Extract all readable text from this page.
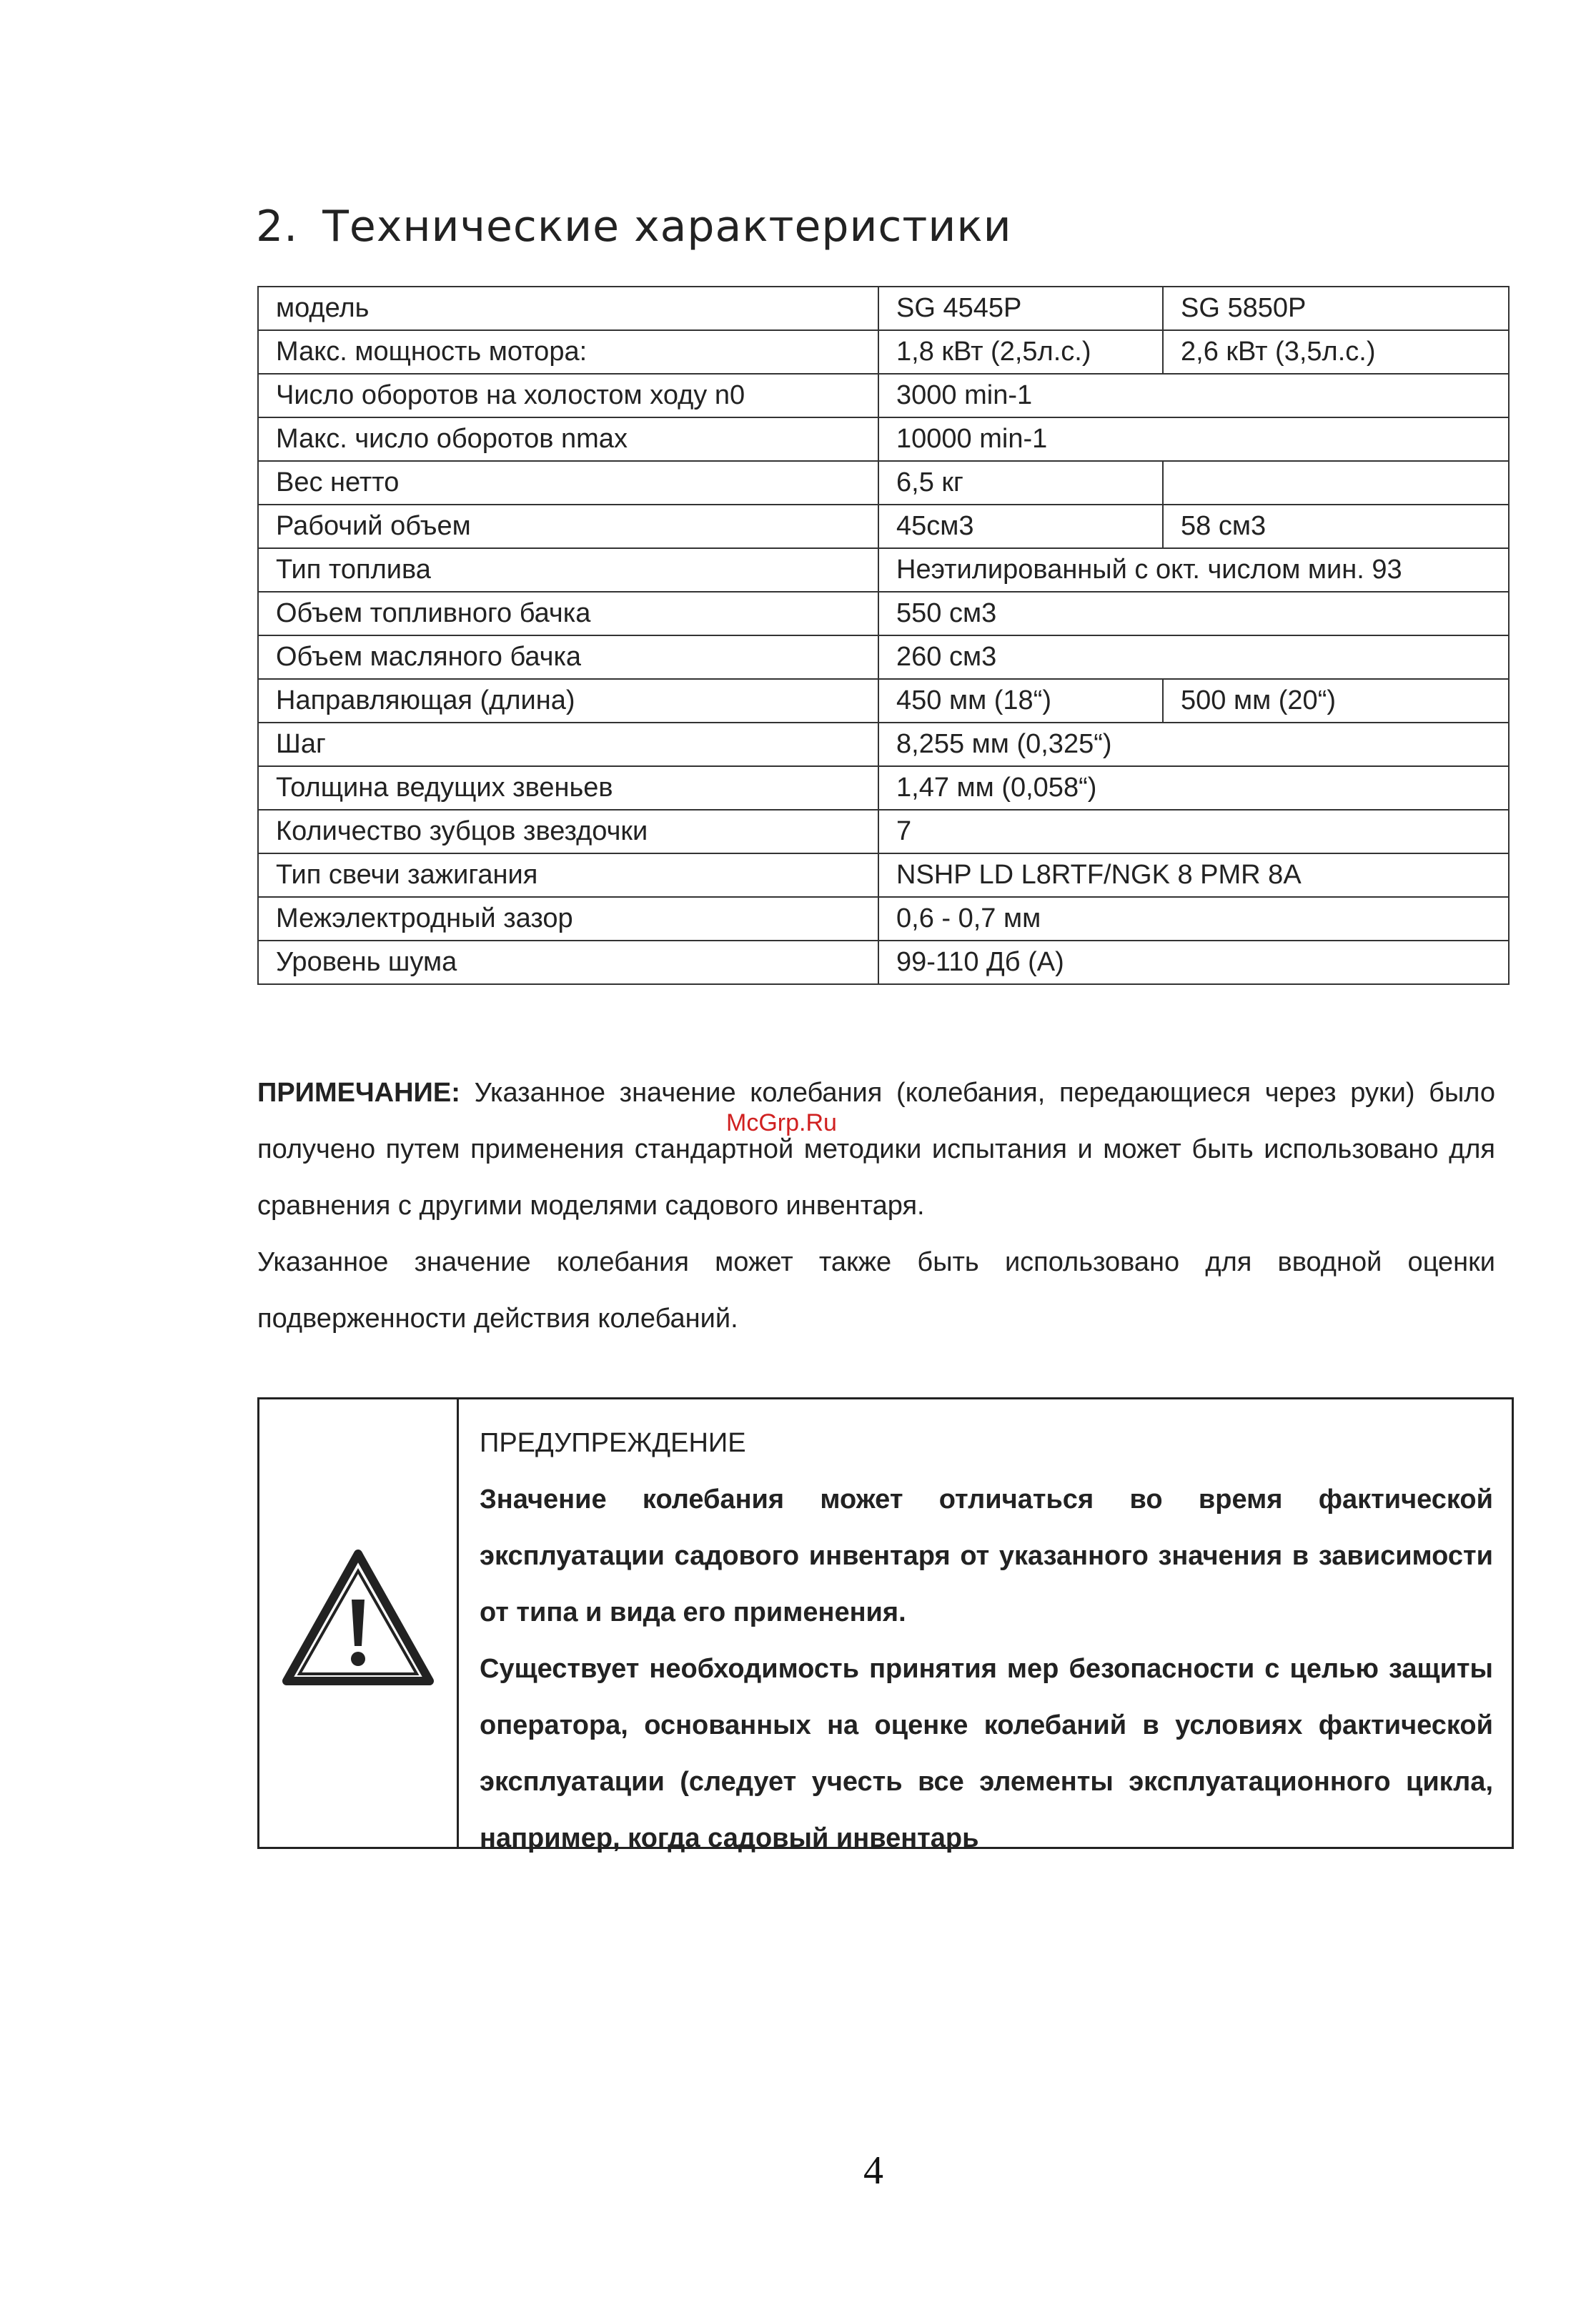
2. Технические характеристики
модель	SG 4545P	SG 5850P
Макс. мощность мотора:	1,8 кВт (2,5л.с.)	2,6 кВт (3,5л.с.)
Число оборотов на холостом ходу n0	3000 min-1	
Макс. число оборотов nmax	10000 min-1	
Вес нетто	6,5 кг	
Рабочий объем	45см3	58 см3
Тип топлива	Неэтилированный с окт. числом мин. 93	
Объем топливного бачка	550 см3	
Объем масляного бачка	260 см3	
Направляющая (длина)	450 мм (18“)	500 мм (20“)
Шаг	8,255 мм (0,325“)	
Толщина ведущих звеньев	1,47 мм (0,058“)	
Количество зубцов звездочки	7	
Тип свечи зажигания	NSHP LD L8RTF/NGK 8 PMR 8A	
Межэлектродный зазор	0,6 - 0,7 мм	
Уровень шума	99-110 Дб (A)	

ПРИМЕЧАНИЕ: Указанное значение колебания (колебания, передающиеся через руки) было получено путем применения стандартной методики испытания и может быть использовано для сравнения с другими моделями садового инвентаря.

Указанное значение колебания может также быть использовано для вводной оценки подверженности действия колебаний.

McGrp.Ru

ПРЕДУПРЕЖДЕНИЕ

Значение колебания может отличаться во время фактической эксплуатации садового инвентаря от указанного значения в зависимости от типа и вида его применения.

Существует необходимость принятия мер безопасности с целью защиты оператора, основанных на оценке колебаний в условиях фактической эксплуатации (следует учесть все элементы эксплуатационного цикла, например, когда садовый инвентарь

4
